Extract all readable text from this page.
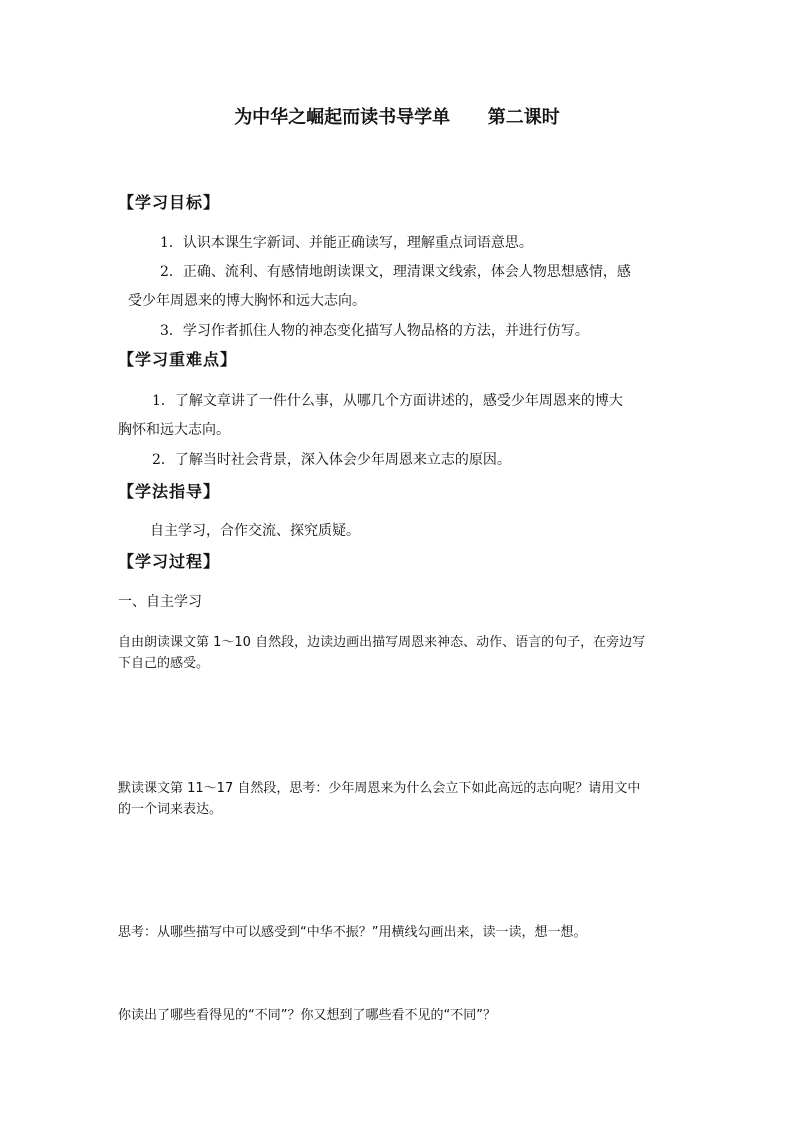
为中华之崛起而读书导学单      第二课时
【学习目标】
1．认识本课生字新词、并能正确读写，理解重点词语意思。
2．正确、流利、有感情地朗读课文，理清课文线索，体会人物思想感情，感
受少年周恩来的博大胸怀和远大志向。
3．学习作者抓住人物的神态变化描写人物品格的方法，并进行仿写。
【学习重难点】
1．了解文章讲了一件什么事，从哪几个方面讲述的，感受少年周恩来的博大
胸怀和远大志向。
2．了解当时社会背景，深入体会少年周恩来立志的原因。
【学法指导】
自主学习，合作交流、探究质疑。
【学习过程】
一、自主学习
自由朗读课文第 1～10 自然段，边读边画出描写周恩来神态、动作、语言的句子，在旁边写
下自己的感受。
默读课文第 11～17 自然段，思考：少年周恩来为什么会立下如此高远的志向呢？请用文中
的一个词来表达。
思考：从哪些描写中可以感受到“中华不振？”用横线勾画出来，读一读，想一想。
你读出了哪些看得见的“不同”？你又想到了哪些看不见的“不同”？
